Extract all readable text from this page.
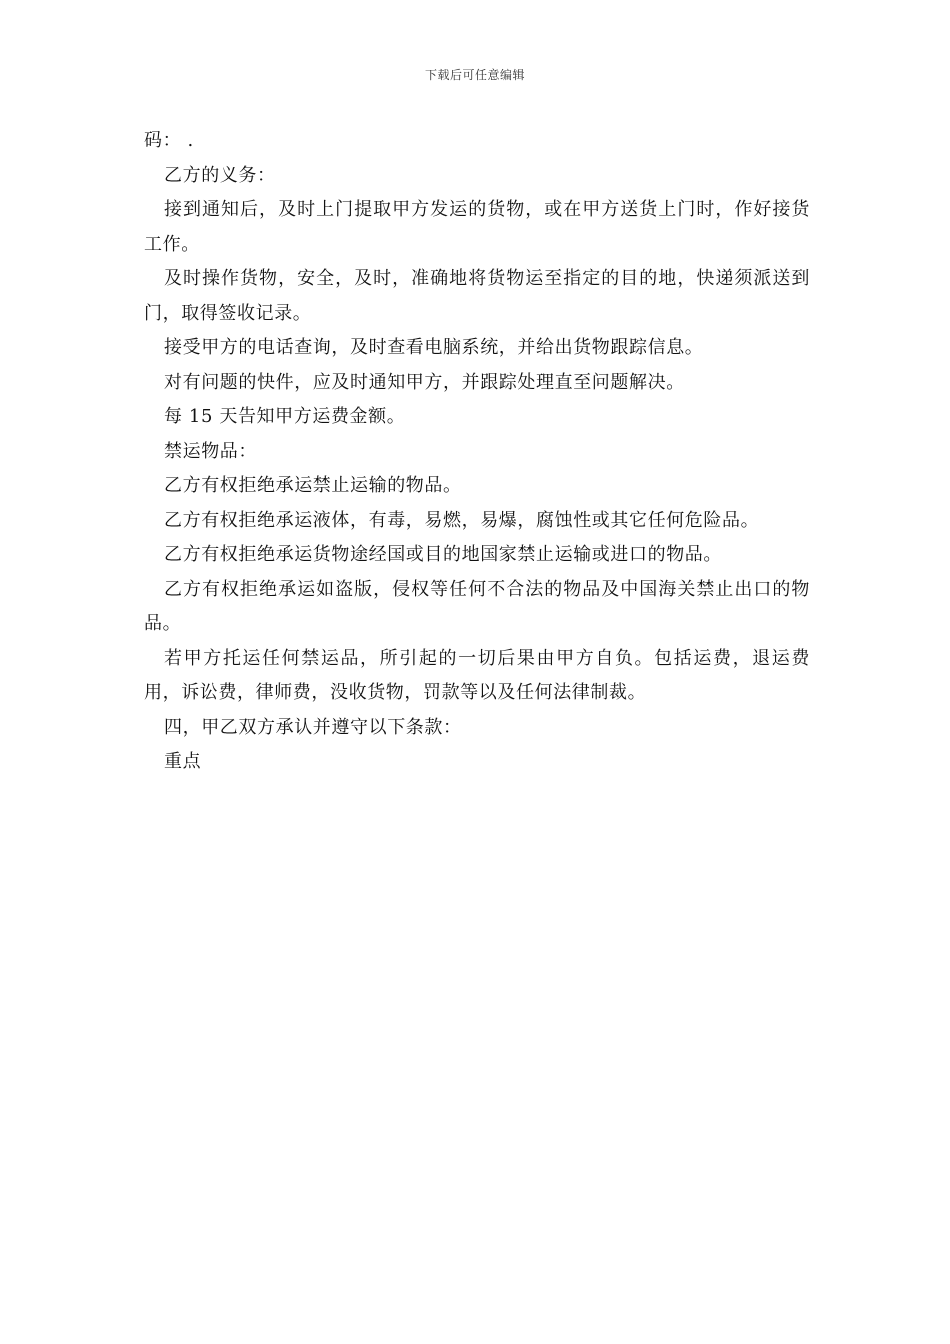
下载后可任意编辑

码： .

乙方的义务：

接到通知后，及时上门提取甲方发运的货物，或在甲方送货上门时，作好接货工作。

及时操作货物，安全，及时，准确地将货物运至指定的目的地，快递须派送到门，取得签收记录。

接受甲方的电话查询，及时查看电脑系统，并给出货物跟踪信息。

对有问题的快件，应及时通知甲方，并跟踪处理直至问题解决。

每 15 天告知甲方运费金额。

禁运物品：

乙方有权拒绝承运禁止运输的物品。

乙方有权拒绝承运液体，有毒，易燃，易爆，腐蚀性或其它任何危险品。

乙方有权拒绝承运货物途经国或目的地国家禁止运输或进口的物品。

乙方有权拒绝承运如盗版，侵权等任何不合法的物品及中国海关禁止出口的物品。

若甲方托运任何禁运品，所引起的一切后果由甲方自负。包括运费，退运费用，诉讼费，律师费，没收货物，罚款等以及任何法律制裁。

四，甲乙双方承认并遵守以下条款：

重点
